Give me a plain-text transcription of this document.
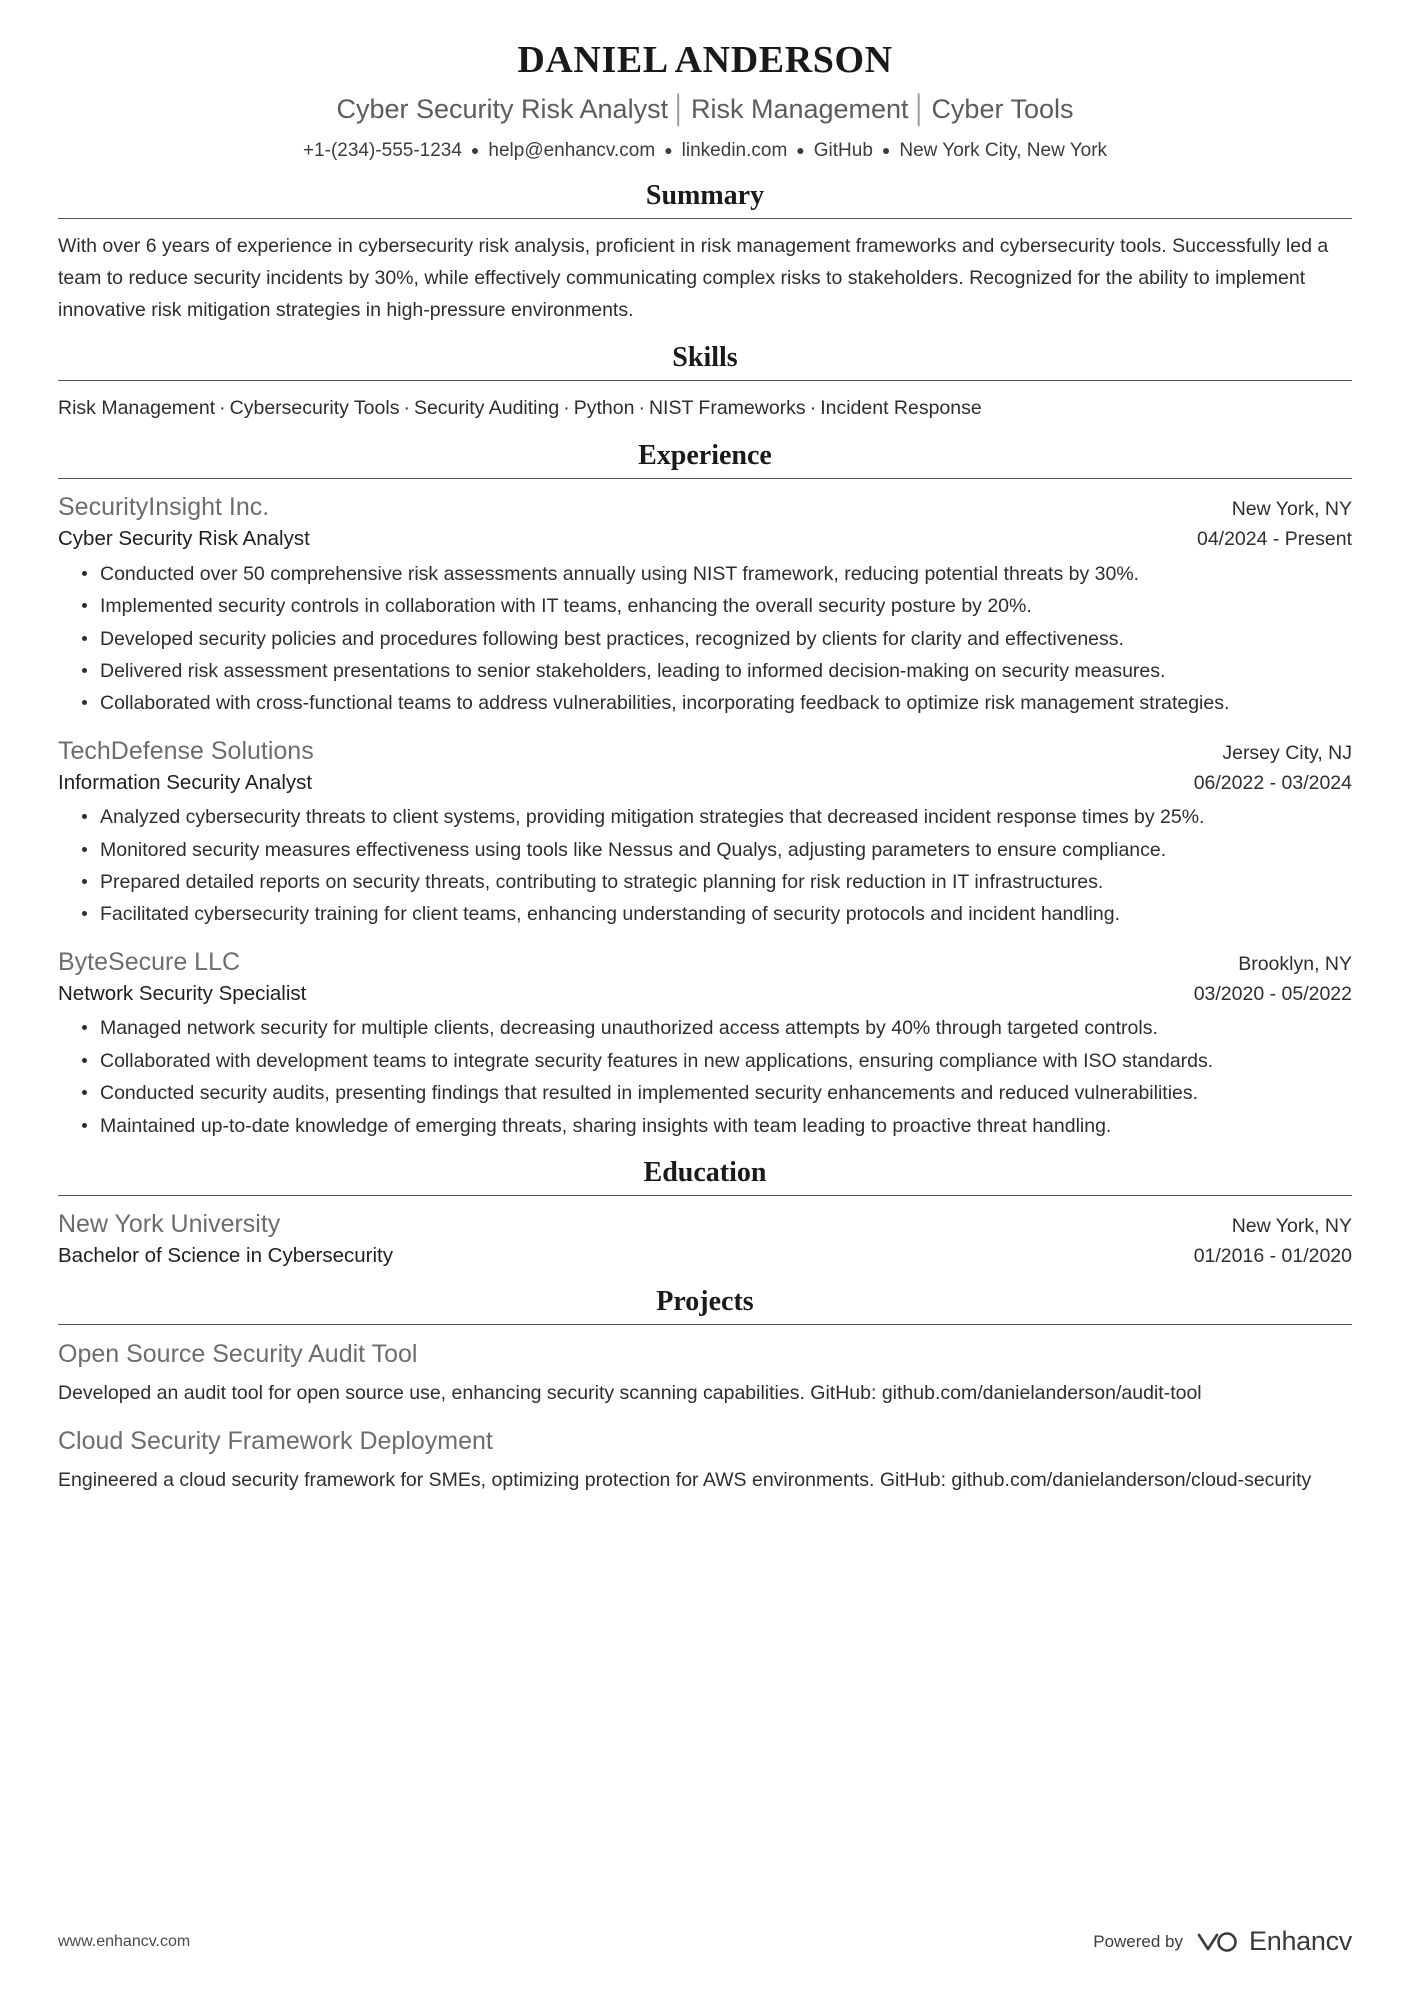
DANIEL ANDERSON
Cyber Security Risk Analyst │ Risk Management │ Cyber Tools
+1-(234)-555-1234 ● help@enhancv.com ● linkedin.com ● GitHub ● New York City, New York
Summary
With over 6 years of experience in cybersecurity risk analysis, proficient in risk management frameworks and cybersecurity tools. Successfully led a team to reduce security incidents by 30%, while effectively communicating complex risks to stakeholders. Recognized for the ability to implement innovative risk mitigation strategies in high-pressure environments.
Skills
Risk Management · Cybersecurity Tools · Security Auditing · Python · NIST Frameworks · Incident Response
Experience
SecurityInsight Inc.	New York, NY
Cyber Security Risk Analyst	04/2024 - Present
Conducted over 50 comprehensive risk assessments annually using NIST framework, reducing potential threats by 30%.
Implemented security controls in collaboration with IT teams, enhancing the overall security posture by 20%.
Developed security policies and procedures following best practices, recognized by clients for clarity and effectiveness.
Delivered risk assessment presentations to senior stakeholders, leading to informed decision-making on security measures.
Collaborated with cross-functional teams to address vulnerabilities, incorporating feedback to optimize risk management strategies.
TechDefense Solutions	Jersey City, NJ
Information Security Analyst	06/2022 - 03/2024
Analyzed cybersecurity threats to client systems, providing mitigation strategies that decreased incident response times by 25%.
Monitored security measures effectiveness using tools like Nessus and Qualys, adjusting parameters to ensure compliance.
Prepared detailed reports on security threats, contributing to strategic planning for risk reduction in IT infrastructures.
Facilitated cybersecurity training for client teams, enhancing understanding of security protocols and incident handling.
ByteSecure LLC	Brooklyn, NY
Network Security Specialist	03/2020 - 05/2022
Managed network security for multiple clients, decreasing unauthorized access attempts by 40% through targeted controls.
Collaborated with development teams to integrate security features in new applications, ensuring compliance with ISO standards.
Conducted security audits, presenting findings that resulted in implemented security enhancements and reduced vulnerabilities.
Maintained up-to-date knowledge of emerging threats, sharing insights with team leading to proactive threat handling.
Education
New York University	New York, NY
Bachelor of Science in Cybersecurity	01/2016 - 01/2020
Projects
Open Source Security Audit Tool
Developed an audit tool for open source use, enhancing security scanning capabilities. GitHub: github.com/danielanderson/audit-tool
Cloud Security Framework Deployment
Engineered a cloud security framework for SMEs, optimizing protection for AWS environments. GitHub: github.com/danielanderson/cloud-security
www.enhancv.com	Powered by Enhancv
